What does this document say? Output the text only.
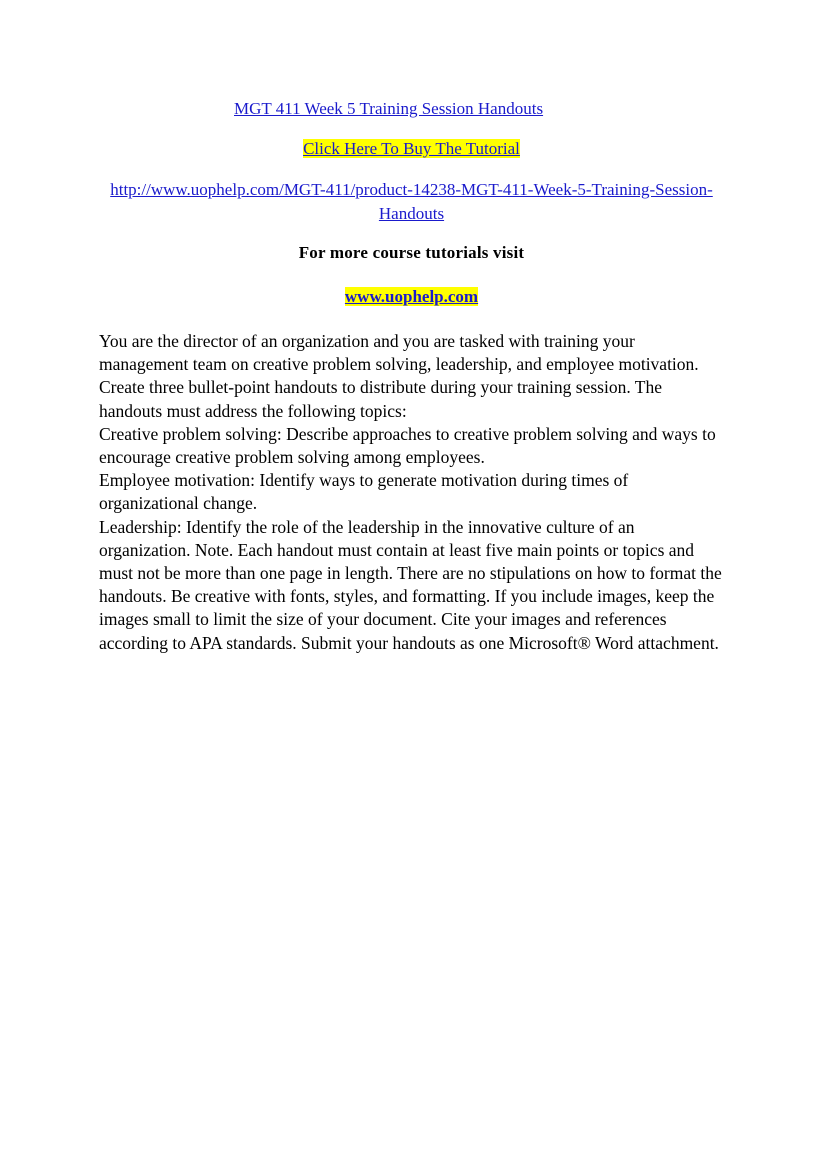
MGT 411 Week 5 Training Session Handouts
Click Here To Buy The Tutorial
http://www.uophelp.com/MGT-411/product-14238-MGT-411-Week-5-Training-Session-Handouts
For more course tutorials visit
www.uophelp.com

You are the director of an organization and you are tasked with training your management team on creative problem solving, leadership, and employee motivation. Create three bullet-point handouts to distribute during your training session. The handouts must address the following topics:

Creative problem solving: Describe approaches to creative problem solving and ways to encourage creative problem solving among employees.

Employee motivation: Identify ways to generate motivation during times of organizational change.

Leadership: Identify the role of the leadership in the innovative culture of an organization. Note. Each handout must contain at least five main points or topics and must not be more than one page in length. There are no stipulations on how to format the handouts. Be creative with fonts, styles, and formatting. If you include images, keep the images small to limit the size of your document. Cite your images and references according to APA standards. Submit your handouts as one Microsoft® Word attachment.
